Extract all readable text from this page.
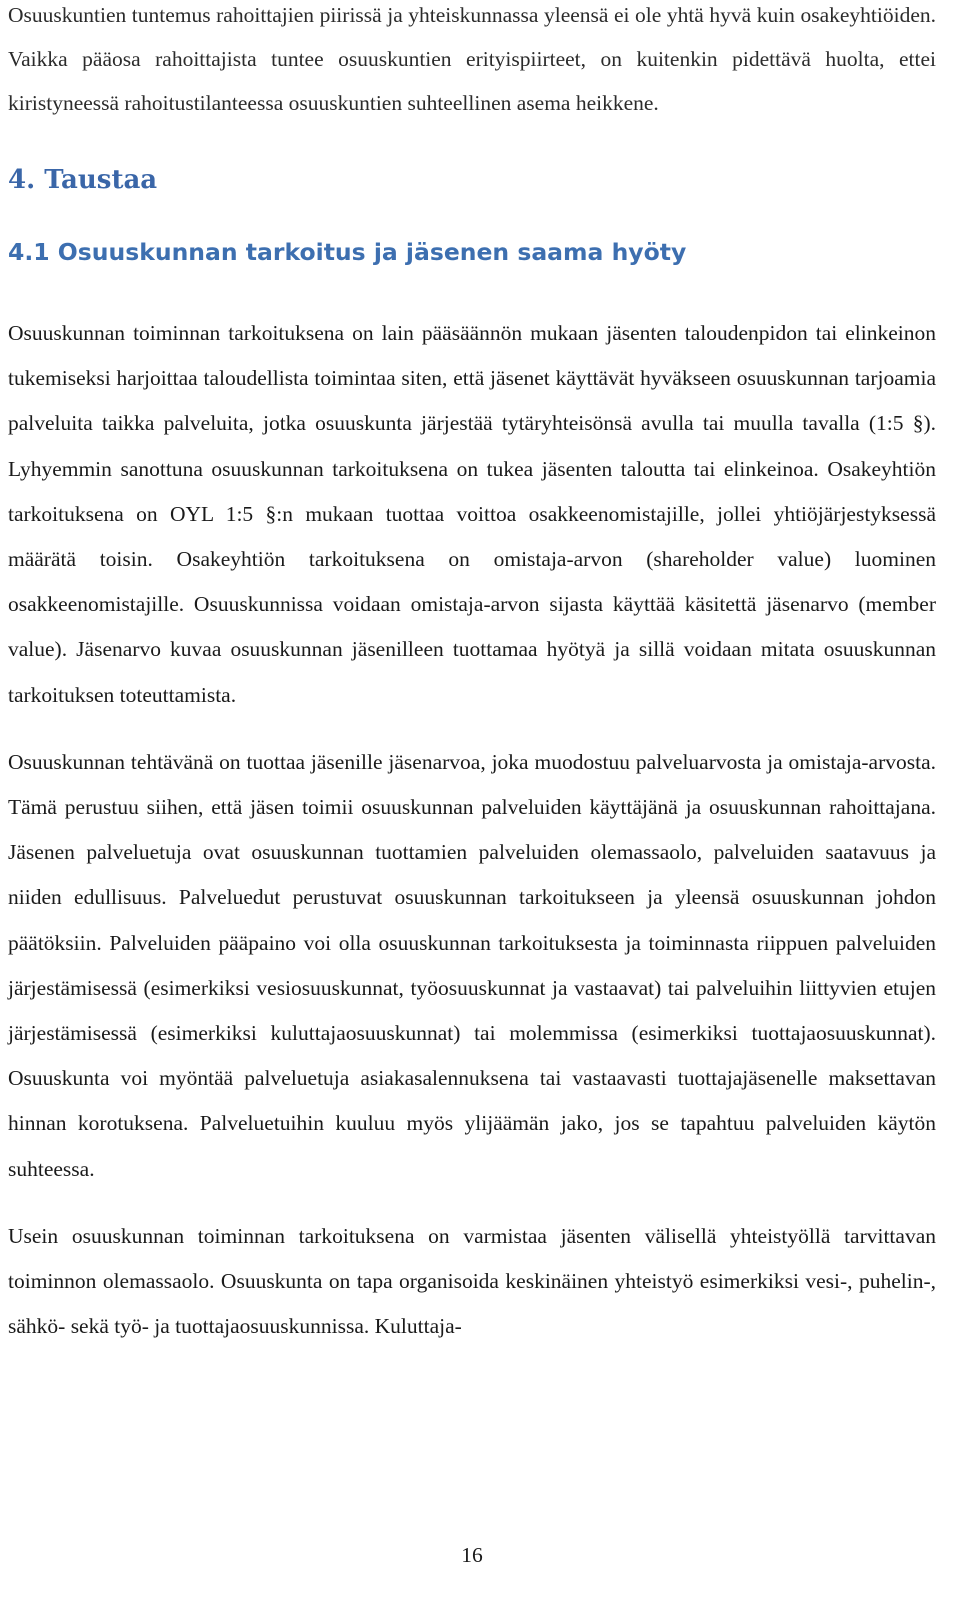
Osuuskuntien tuntemus rahoittajien piirissä ja yhteiskunnassa yleensä ei ole yhtä hyvä kuin osakeyhtiöiden. Vaikka pääosa rahoittajista tuntee osuuskuntien erityispiirteet, on kuitenkin pidettävä huolta, ettei kiristyneessä rahoitustilanteessa osuuskuntien suhteellinen asema heikkene.

4. Taustaa
4.1 Osuuskunnan tarkoitus ja jäsenen saama hyöty

Osuuskunnan toiminnan tarkoituksena on lain pääsäännön mukaan jäsenten taloudenpidon tai elinkeinon tukemiseksi harjoittaa taloudellista toimintaa siten, että jäsenet käyttävät hyväkseen osuuskunnan tarjoamia palveluita taikka palveluita, jotka osuuskunta järjestää tytäryhteisönsä avulla tai muulla tavalla (1:5 §). Lyhyemmin sanottuna osuuskunnan tarkoituksena on tukea jäsenten taloutta tai elinkeinoa. Osakeyhtiön tarkoituksena on OYL 1:5 §:n mukaan tuottaa voittoa osakkeenomistajille, jollei yhtiöjärjestyksessä määrätä toisin. Osakeyhtiön tarkoituksena on omistaja-arvon (shareholder value) luominen osakkeenomistajille. Osuuskunnissa voidaan omistaja-arvon sijasta käyttää käsitettä jäsenarvo (member value). Jäsenarvo kuvaa osuuskunnan jäsenilleen tuottamaa hyötyä ja sillä voidaan mitata osuuskunnan tarkoituksen toteuttamista.

Osuuskunnan tehtävänä on tuottaa jäsenille jäsenarvoa, joka muodostuu palveluarvosta ja omistaja-arvosta. Tämä perustuu siihen, että jäsen toimii osuuskunnan palveluiden käyttäjänä ja osuuskunnan rahoittajana. Jäsenen palveluetuja ovat osuuskunnan tuottamien palveluiden olemassaolo, palveluiden saatavuus ja niiden edullisuus. Palveluedut perustuvat osuuskunnan tarkoitukseen ja yleensä osuuskunnan johdon päätöksiin. Palveluiden pääpaino voi olla osuuskunnan tarkoituksesta ja toiminnasta riippuen palveluiden järjestämisessä (esimerkiksi vesiosuuskunnat, työosuuskunnat ja vastaavat) tai palveluihin liittyvien etujen järjestämisessä (esimerkiksi kuluttajaosuuskunnat) tai molemmissa (esimerkiksi tuottajaosuuskunnat). Osuuskunta voi myöntää palveluetuja asiakasalennuksena tai vastaavasti tuottajajäsenelle maksettavan hinnan korotuksena. Palveluetuihin kuuluu myös ylijäämän jako, jos se tapahtuu palveluiden käytön suhteessa.

Usein osuuskunnan toiminnan tarkoituksena on varmistaa jäsenten välisellä yhteistyöllä tarvittavan toiminnon olemassaolo. Osuuskunta on tapa organisoida keskinäinen yhteistyö esimerkiksi vesi-, puhelin-, sähkö- sekä työ- ja tuottajaosuuskunnissa. Kuluttaja-

16
